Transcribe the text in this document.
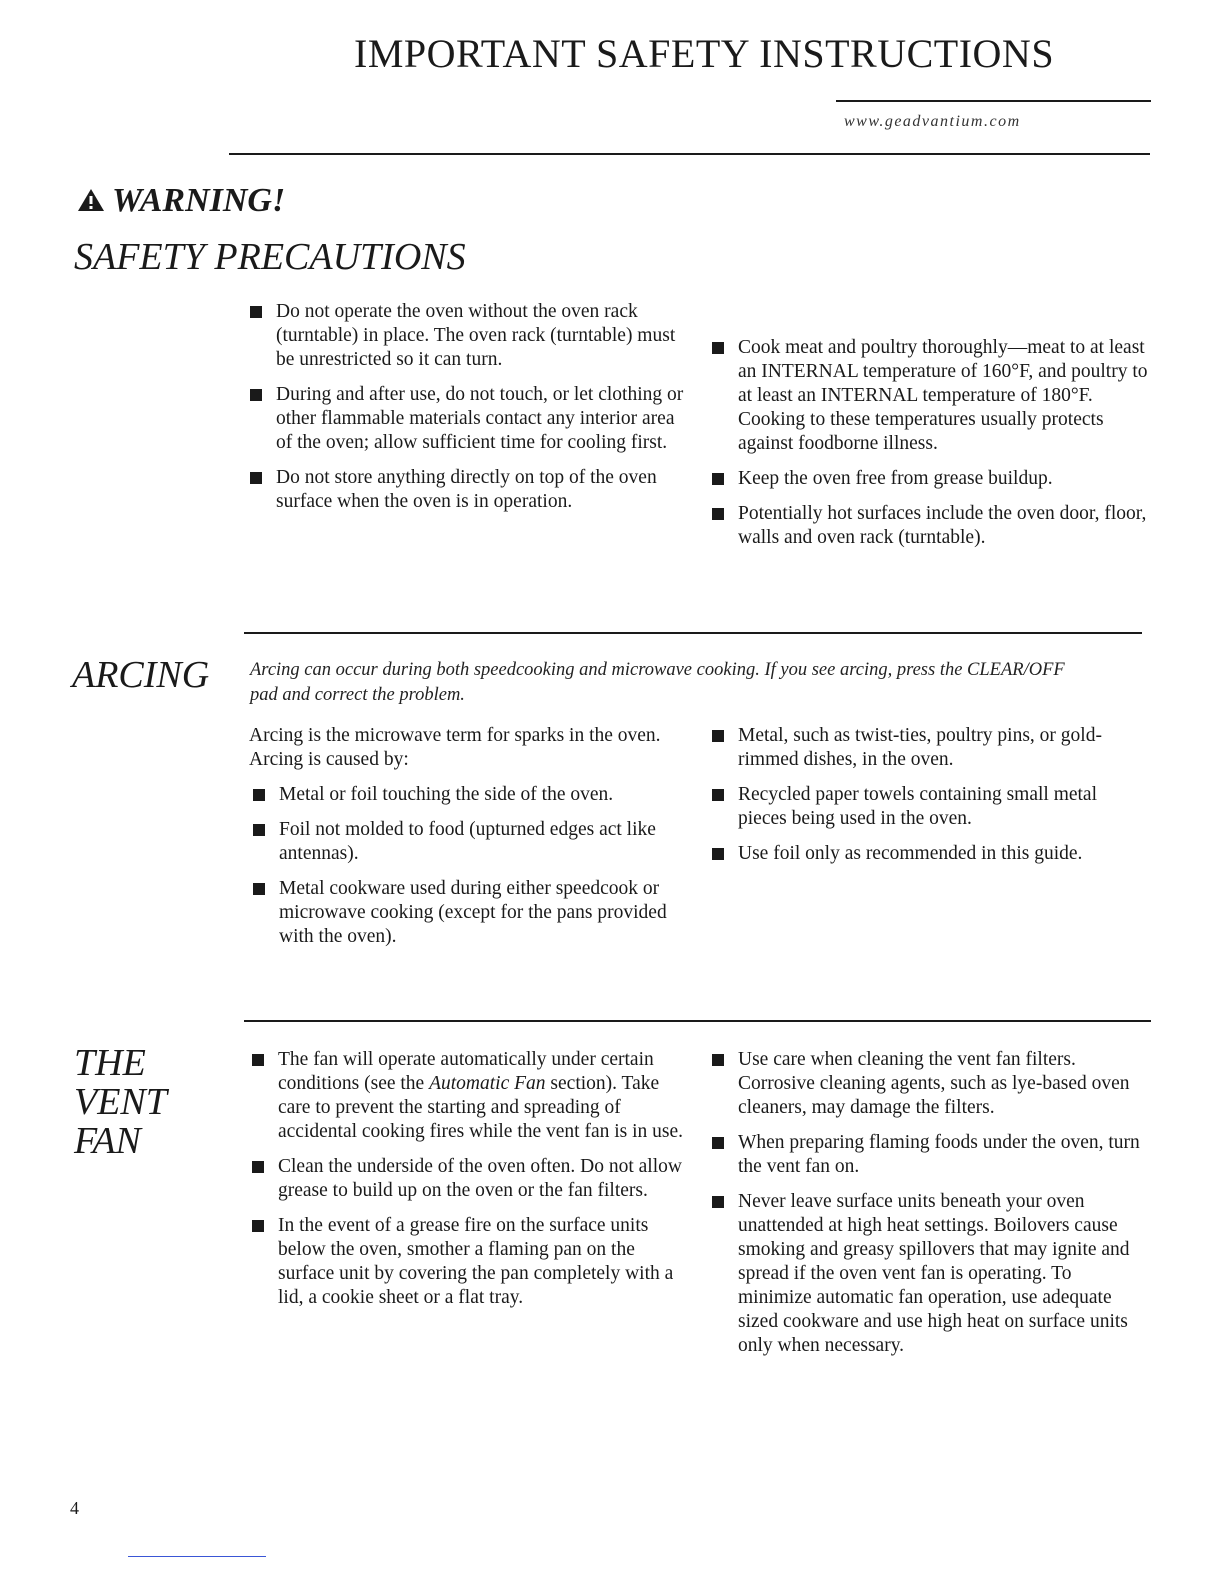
IMPORTANT SAFETY INSTRUCTIONS
www.geadvantium.com
WARNING!
SAFETY PRECAUTIONS
Do not operate the oven without the oven rack (turntable) in place. The oven rack (turntable) must be unrestricted so it can turn.
During and after use, do not touch, or let clothing or other flammable materials contact any interior area of the oven; allow sufficient time for cooling first.
Do not store anything directly on top of the oven surface when the oven is in operation.
Cook meat and poultry thoroughly—meat to at least an INTERNAL temperature of 160°F, and poultry to at least an INTERNAL temperature of 180°F. Cooking to these temperatures usually protects against foodborne illness.
Keep the oven free from grease buildup.
Potentially hot surfaces include the oven door, floor, walls and oven rack (turntable).
ARCING Arcing can occur during both speedcooking and microwave cooking. If you see arcing, press the CLEAR/OFF pad and correct the problem.
Arcing is the microwave term for sparks in the oven. Arcing is caused by:
Metal or foil touching the side of the oven.
Foil not molded to food (upturned edges act like antennas).
Metal cookware used during either speedcook or microwave cooking (except for the pans provided with the oven).
Metal, such as twist-ties, poultry pins, or gold-rimmed dishes, in the oven.
Recycled paper towels containing small metal pieces being used in the oven.
Use foil only as recommended in this guide.
THE
VENT
FAN
The fan will operate automatically under certain conditions (see the Automatic Fan section). Take care to prevent the starting and spreading of accidental cooking fires while the vent fan is in use.
Clean the underside of the oven often. Do not allow grease to build up on the oven or the fan filters.
In the event of a grease fire on the surface units below the oven, smother a flaming pan on the surface unit by covering the pan completely with a lid, a cookie sheet or a flat tray.
Use care when cleaning the vent fan filters. Corrosive cleaning agents, such as lye-based oven cleaners, may damage the filters.
When preparing flaming foods under the oven, turn the vent fan on.
Never leave surface units beneath your oven unattended at high heat settings. Boilovers cause smoking and greasy spillovers that may ignite and spread if the oven vent fan is operating. To minimize automatic fan operation, use adequate sized cookware and use high heat on surface units only when necessary.
4
